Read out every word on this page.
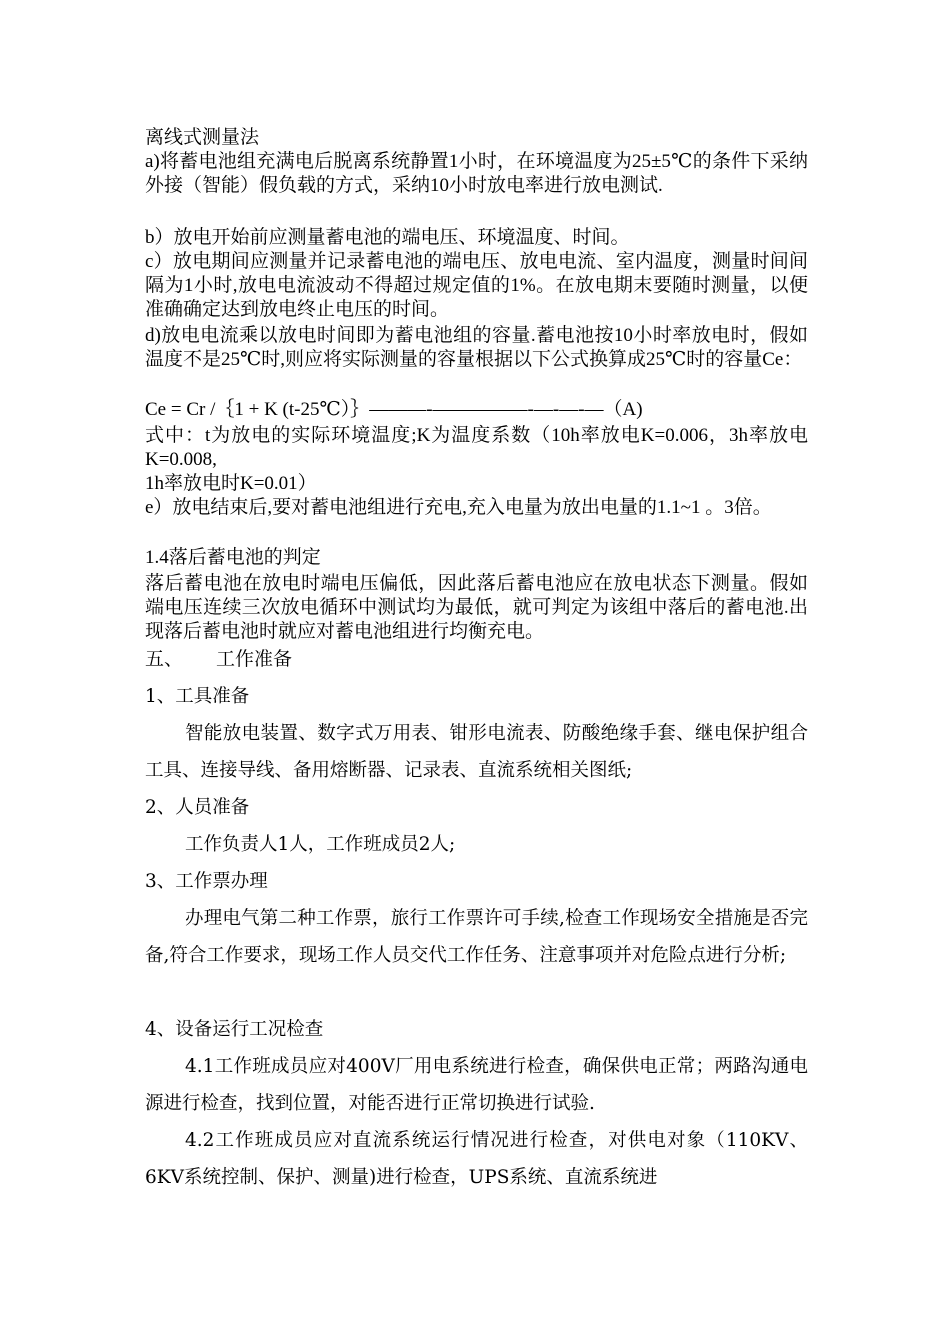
离线式测量法
a)将蓄电池组充满电后脱离系统静置1小时，在环境温度为25±5℃的条件下采纳外接（智能）假负载的方式，采纳10小时放电率进行放电测试.
b）放电开始前应测量蓄电池的端电压、环境温度、时间。
c）放电期间应测量并记录蓄电池的端电压、放电电流、室内温度，测量时间间隔为1小时,放电电流波动不得超过规定值的1%。在放电期末要随时测量，以便准确确定达到放电终止电压的时间。
d)放电电流乘以放电时间即为蓄电池组的容量.蓄电池按10小时率放电时，假如温度不是25℃时,则应将实际测量的容量根据以下公式换算成25℃时的容量Ce：
Ce = Cr /｛1 + K (t-25℃）｝———-—————-—-—-—（A)
式中：t为放电的实际环境温度;K为温度系数（10h率放电K=0.006，3h率放电K=0.008,
1h率放电时K=0.01）
e）放电结束后,要对蓄电池组进行充电,充入电量为放出电量的1.1~1 。3倍。
1.4落后蓄电池的判定
落后蓄电池在放电时端电压偏低，因此落后蓄电池应在放电状态下测量。假如端电压连续三次放电循环中测试均为最低，就可判定为该组中落后的蓄电池.出现落后蓄电池时就应对蓄电池组进行均衡充电。
五、 工作准备
1、工具准备
智能放电装置、数字式万用表、钳形电流表、防酸绝缘手套、继电保护组合工具、连接导线、备用熔断器、记录表、直流系统相关图纸;
2、人员准备
工作负责人1人，工作班成员2人;
3、工作票办理
办理电气第二种工作票，旅行工作票许可手续,检查工作现场安全措施是否完备,符合工作要求，现场工作人员交代工作任务、注意事项并对危险点进行分析;
4、设备运行工况检查
4.1工作班成员应对400V厂用电系统进行检查，确保供电正常；两路沟通电源进行检查，找到位置，对能否进行正常切换进行试验.
4.2工作班成员应对直流系统运行情况进行检查，对供电对象（110KV、6KV系统控制、保护、测量)进行检查，UPS系统、直流系统进
